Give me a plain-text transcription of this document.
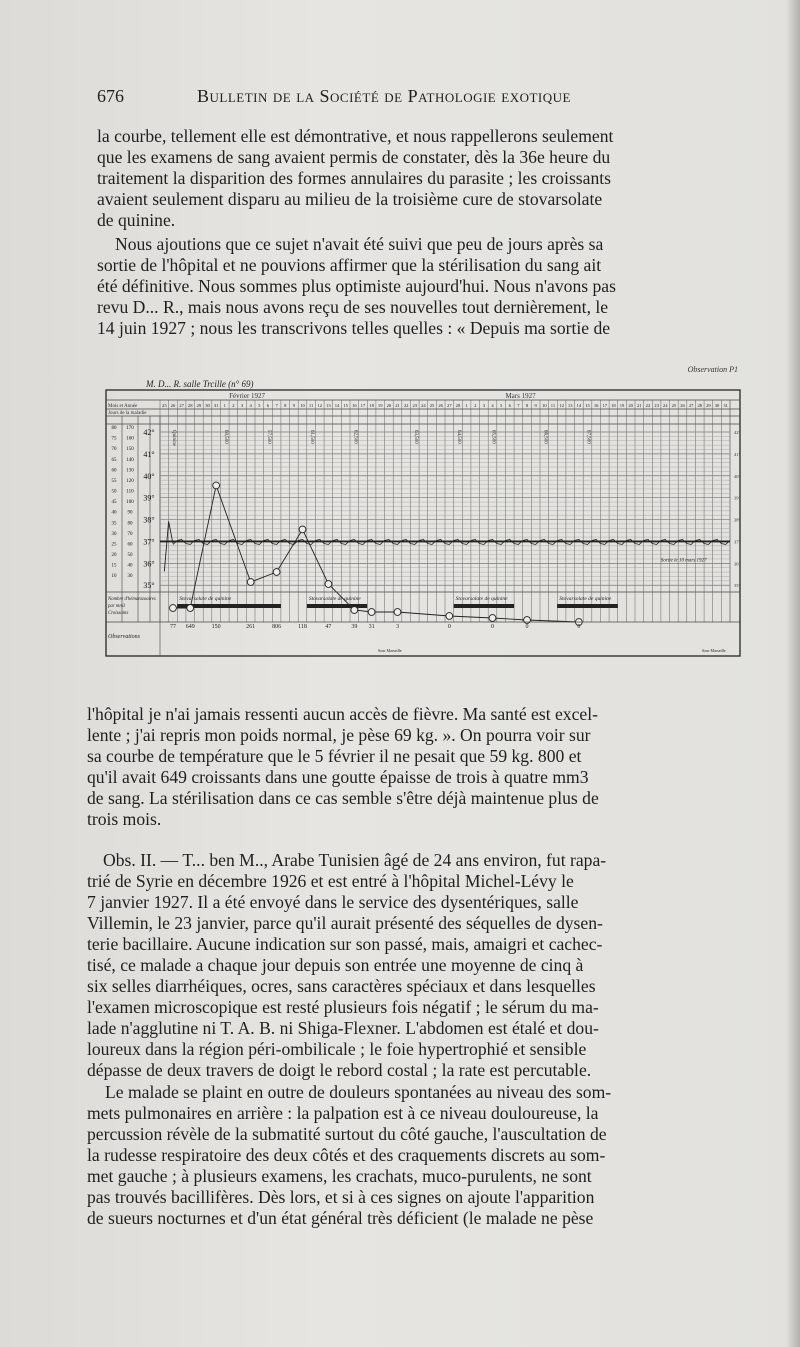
676	Bulletin de la Société de Pathologie exotique
la courbe, tellement elle est démontrative, et nous rappellerons seulement
que les examens de sang avaient permis de constater, dès la 36e heure du
traitement la disparition des formes annulaires du parasite ; les croissants
avaient seulement disparu au milieu de la troisième cure de stovarsolate
de quinine.
Nous ajoutions que ce sujet n'avait été suivi que peu de jours après sa
sortie de l'hôpital et ne pouvions affirmer que la stérilisation du sang ait
été définitive. Nous sommes plus optimiste aujourd'hui. Nous n'avons pas
revu D... R., mais nous avons reçu de ses nouvelles tout dernièrement, le
14 juin 1927 ; nous les transcrivons telles quelles : « Depuis ma sortie de
Observation P1
M. D... R. salle Trcille (n° 69)
Février 1927	Mars 1927
Mois et Année
Jours de la maladie
25 26 27 28 29 30 31 1 2 3 4 5 6 7 8 9 10 11 12 13 14 15 16 17 18 19 20 21 22 23 24 25 26 27 28 1 2 3 4 5 6 7 8 9 10 11 12 13 14 15 16 17 18 19 20 21 22 23 24 25 26 27 28 29 30 31
42°	42°
41°	41°
40°	40°
39°	39°
38°	38°
37°	37°
36°	36°
35°	35°
80 170
75 160
70 150
65 140
60 130
55 120
50 110
45 100
40 90
35 80
30 70
25 60
20 50
15 40
10 30
Quinine	60,500	57,500	61,500	62,500	63,500	64,500	65,500	66,500	67,500
Stovarsolate de quinine	Stovarsolate de quinine	Stovarsolate de quinine	Stovarsolate de quinine
Sortie le 10 mars 1927
77 649	150	261	806	118	47	39 31	3	0	0	0	0
Nombre d'hématozoaires
par mm3
Croissants
Observations
Sour Marseille	Sour Marseille
l'hôpital je n'ai jamais ressenti aucun accès de fièvre. Ma santé est excel-
lente ; j'ai repris mon poids normal, je pèse 69 kg. ». On pourra voir sur
sa courbe de température que le 5 février il ne pesait que 59 kg. 800 et
qu'il avait 649 croissants dans une goutte épaisse de trois à quatre mm3
de sang. La stérilisation dans ce cas semble s'être déjà maintenue plus de
trois mois.
Obs. II. — T... ben M.., Arabe Tunisien âgé de 24 ans environ, fut rapa-
trié de Syrie en décembre 1926 et est entré à l'hôpital Michel-Lévy le
7 janvier 1927. Il a été envoyé dans le service des dysentériques, salle
Villemin, le 23 janvier, parce qu'il aurait présenté des séquelles de dysen-
terie bacillaire. Aucune indication sur son passé, mais, amaigri et cachec-
tisé, ce malade a chaque jour depuis son entrée une moyenne de cinq à
six selles diarrhéiques, ocres, sans caractères spéciaux et dans lesquelles
l'examen microscopique est resté plusieurs fois négatif ; le sérum du ma-
lade n'agglutine ni T. A. B. ni Shiga-Flexner. L'abdomen est étalé et dou-
loureux dans la région péri-ombilicale ; le foie hypertrophié et sensible
dépasse de deux travers de doigt le rebord costal ; la rate est percutable.
Le malade se plaint en outre de douleurs spontanées au niveau des som-
mets pulmonaires en arrière : la palpation est à ce niveau douloureuse, la
percussion révèle de la submatité surtout du côté gauche, l'auscultation de
la rudesse respiratoire des deux côtés et des craquements discrets au som-
met gauche ; à plusieurs examens, les crachats, muco-purulents, ne sont
pas trouvés bacillifères. Dès lors, et si à ces signes on ajoute l'apparition
de sueurs nocturnes et d'un état général très déficient (le malade ne pèse
